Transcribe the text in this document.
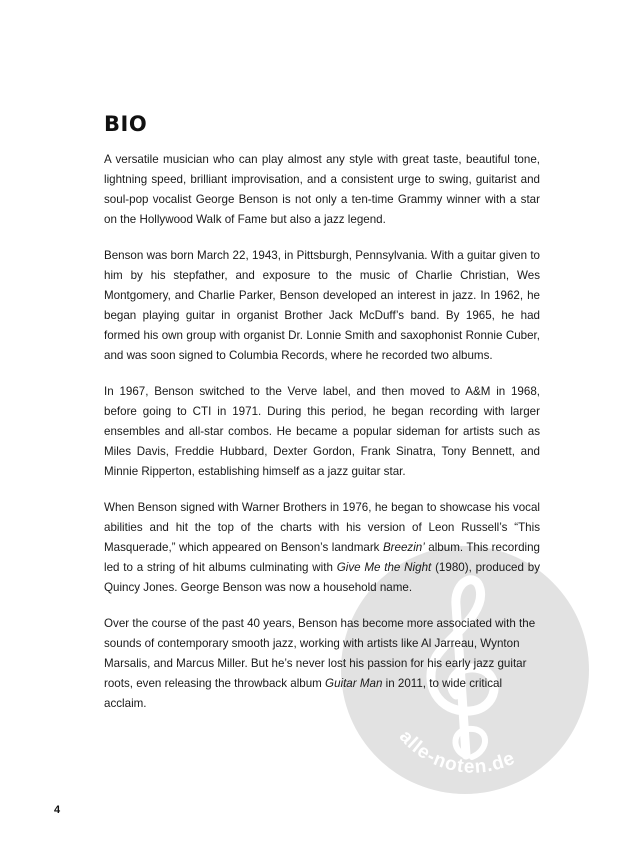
alle-noten.de
BIO

A versatile musician who can play almost any style with great taste, beautiful tone, lightning speed, brilliant improvisation, and a consistent urge to swing, guitarist and soul-pop vocalist George Benson is not only a ten-time Grammy winner with a star on the Hollywood Walk of Fame but also a jazz legend.

Benson was born March 22, 1943, in Pittsburgh, Pennsylvania. With a guitar given to him by his stepfather, and exposure to the music of Charlie Christian, Wes Montgomery, and Charlie Parker, Benson developed an interest in jazz. In 1962, he began playing guitar in organist Brother Jack McDuff’s band. By 1965, he had formed his own group with organist Dr. Lonnie Smith and saxophonist Ronnie Cuber, and was soon signed to Columbia Records, where he recorded two albums.

In 1967, Benson switched to the Verve label, and then moved to A&M in 1968, before going to CTI in 1971. During this period, he began recording with larger ensembles and all-star combos. He became a popular sideman for artists such as Miles Davis, Freddie Hubbard, Dexter Gordon, Frank Sinatra, Tony Bennett, and Minnie Ripperton, establishing himself as a jazz guitar star.

When Benson signed with Warner Brothers in 1976, he began to showcase his vocal abilities and hit the top of the charts with his version of Leon Russell’s “This Masquerade,” which appeared on Benson’s landmark Breezin’ album. This recording led to a string of hit albums culminating with Give Me the Night (1980), produced by Quincy Jones. George Benson was now a household name.

Over the course of the past 40 years, Benson has become more associated with the sounds of contemporary smooth jazz, working with artists like Al Jarreau, Wynton Marsalis, and Marcus Miller. But he’s never lost his passion for his early jazz guitar roots, even releasing the throwback album Guitar Man in 2011, to wide critical acclaim.

4
